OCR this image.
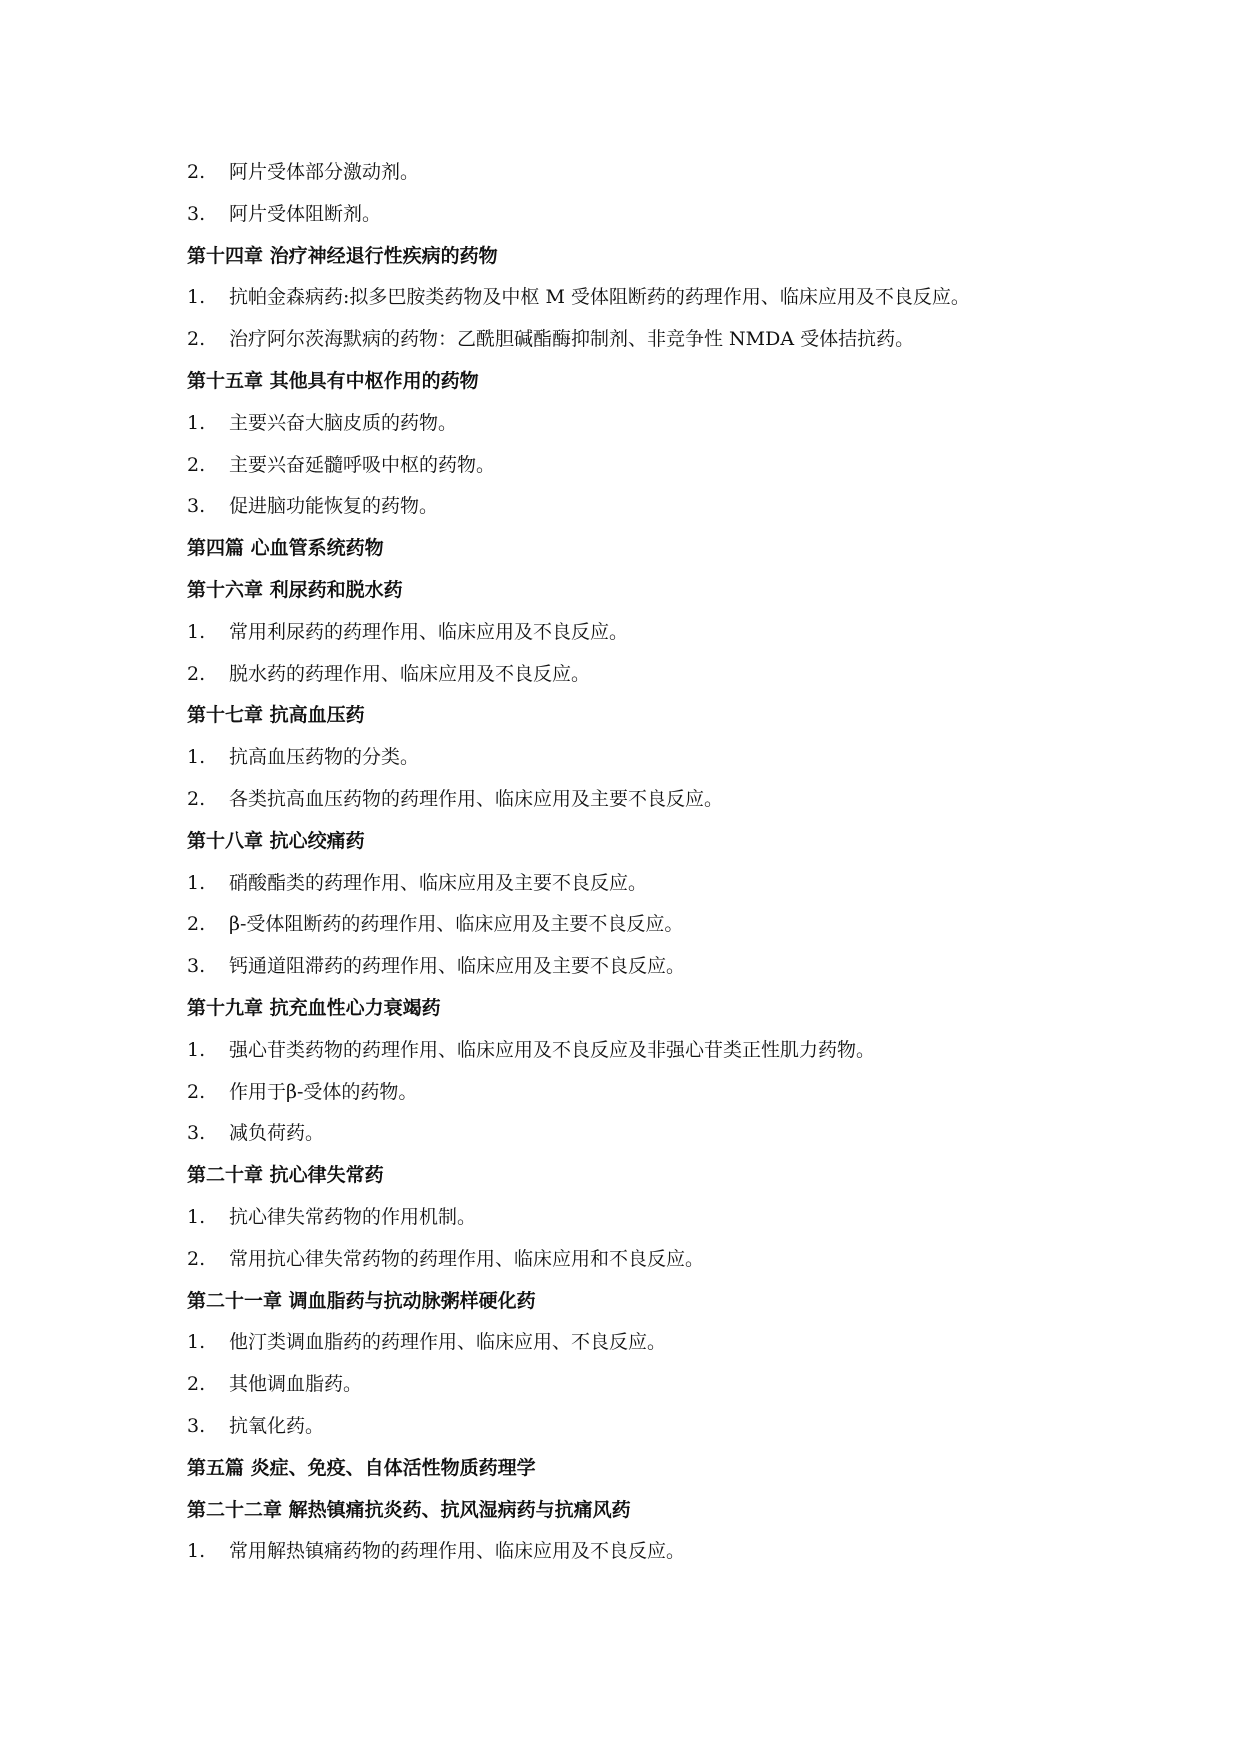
2. 阿片受体部分激动剂。
3. 阿片受体阻断剂。
第十四章 治疗神经退行性疾病的药物
1. 抗帕金森病药:拟多巴胺类药物及中枢 M 受体阻断药的药理作用、临床应用及不良反应。
2. 治疗阿尔茨海默病的药物：乙酰胆碱酯酶抑制剂、非竞争性 NMDA 受体拮抗药。
第十五章 其他具有中枢作用的药物
1. 主要兴奋大脑皮质的药物。
2. 主要兴奋延髓呼吸中枢的药物。
3. 促进脑功能恢复的药物。
第四篇 心血管系统药物
第十六章 利尿药和脱水药
1. 常用利尿药的药理作用、临床应用及不良反应。
2. 脱水药的药理作用、临床应用及不良反应。
第十七章 抗高血压药
1. 抗高血压药物的分类。
2. 各类抗高血压药物的药理作用、临床应用及主要不良反应。
第十八章 抗心绞痛药
1. 硝酸酯类的药理作用、临床应用及主要不良反应。
2. β-受体阻断药的药理作用、临床应用及主要不良反应。
3. 钙通道阻滞药的药理作用、临床应用及主要不良反应。
第十九章 抗充血性心力衰竭药
1. 强心苷类药物的药理作用、临床应用及不良反应及非强心苷类正性肌力药物。
2. 作用于β-受体的药物。
3. 减负荷药。
第二十章 抗心律失常药
1. 抗心律失常药物的作用机制。
2. 常用抗心律失常药物的药理作用、临床应用和不良反应。
第二十一章 调血脂药与抗动脉粥样硬化药
1. 他汀类调血脂药的药理作用、临床应用、不良反应。
2. 其他调血脂药。
3. 抗氧化药。
第五篇 炎症、免疫、自体活性物质药理学
第二十二章 解热镇痛抗炎药、抗风湿病药与抗痛风药
1. 常用解热镇痛药物的药理作用、临床应用及不良反应。
